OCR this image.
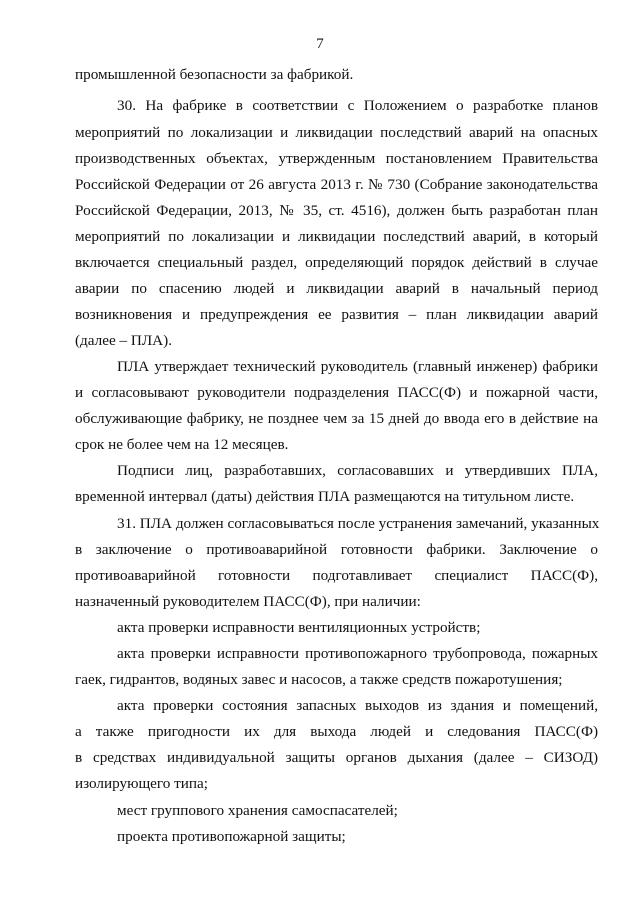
7
промышленной безопасности за фабрикой.
30. На фабрике в соответствии с Положением о разработке планов
мероприятий по локализации и ликвидации последствий аварий на опасных
производственных объектах, утвержденным постановлением Правительства
Российской Федерации от 26 августа 2013 г. № 730 (Собрание законодательства
Российской Федерации, 2013, № 35, ст. 4516), должен быть разработан план
мероприятий по локализации и ликвидации последствий аварий, в который
включается специальный раздел, определяющий порядок действий в случае
аварии по спасению людей и ликвидации аварий в начальный период
возникновения и предупреждения ее развития – план ликвидации аварий
(далее – ПЛА).
ПЛА утверждает технический руководитель (главный инженер) фабрики
и согласовывают руководители подразделения ПАСС(Ф) и пожарной части,
обслуживающие фабрику, не позднее чем за 15 дней до ввода его в действие на
срок не более чем на 12 месяцев.
Подписи лиц, разработавших, согласовавших и утвердивших ПЛА,
временной интервал (даты) действия ПЛА размещаются на титульном листе.
31. ПЛА должен согласовываться после устранения замечаний, указанных
в заключение о противоаварийной готовности фабрики. Заключение о
противоаварийной готовности подготавливает специалист ПАСС(Ф),
назначенный руководителем ПАСС(Ф), при наличии:
акта проверки исправности вентиляционных устройств;
акта проверки исправности противопожарного трубопровода, пожарных
гаек, гидрантов, водяных завес и насосов, а также средств пожаротушения;
акта проверки состояния запасных выходов из здания и помещений,
а также пригодности их для выхода людей и следования ПАСС(Ф)
в средствах индивидуальной защиты органов дыхания (далее – СИЗОД)
изолирующего типа;
мест группового хранения самоспасателей;
проекта противопожарной защиты;
